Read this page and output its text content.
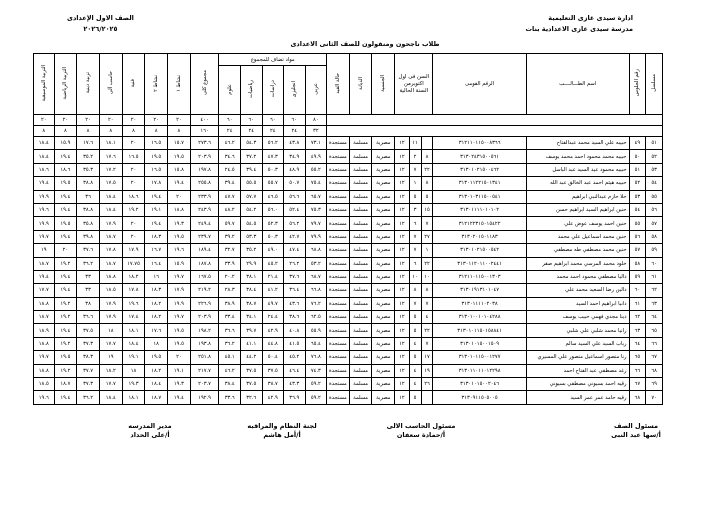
ادارة سيدى غازى التعليمية
مدرسة سيدى غازى الاعدادية بنات
الصف الاول الإعدادى
٢٠٢٦/٢٠٢٥
طلاب ناجحون ومنقولون للصف الثانى الاعدادى
مسلسل	رقم الجلوس	اسم الطـــالــــب	الرقم القومى	السن فى اول اكتوبرمن السنة الحالية			الجنسية	الديانة	حالة القيد	مواد تضاف للمجموع					مجموع كلى	نشاط ١	نشاط ٢	فنية	حاسب آلى	تربية دينية	التربية الرياضية	التربية الموسيقية
										عربى	انجليزى	دراسات	رياضيات	علوم								
										٨٠	٦٠	٦٠	٦٠	٦٠	٤٠٠	٢٠	٢٠	٢٠	٢٠	٢٠	٢٠	٢٠
										٣٢	٢٤	٢٤	٢٤	٢٤	١٦٠	٨	٨	٨	٨	٨	٨	٨
٥١	٤٩	حبيبه علي السيد محمد عبدالفتاح	٣١٢١١٠١١٥٠٠٨٣٦٦		١١	١٢	مصرية	مسلمة	مستجدة	٧٣.١	٤٣.٨	٥٦.٢	٥٤.٣	٤٦.٢	٢٧٣.٦	١٥.٧	١٦.٥	٢٠	١٨.١	١٧.٦	١٥.٩	١٨.٤
٥٢	٥٠	حبيبه محمد محمود احمد محمد يوسف	٣١٣٠٢٤٣١٥٠٠٥٦١	٨	٢	١٢	مصرية	مسلمة	مستجدة	٤٩.٩	٣٤.٩	٤٧.٣	٣٧.٢	٣٤.٦	٢٠٣.٩	١٩.٥	١٩.٥	١٦.٥	١٧.٦	٣٥.٢	١٩.٤	١٨.٤
٥٣	٥١	حبيبه محمود عيد السيد عبد الباسل	٣١٣٠١٠٢١٥٠٠٤٦٢	٢٢	٧	١٢	مصرية	مسلمة	مستجدة	٥٥.٢	٤٨.٩	٥٠.٣	٣٩.٤	٢٤.٥	١٩٧.٨	١٥.٨	١٦.٥	٢٠	١٧.٢	٣٥.٣	١٨.٦	١٨.٦
٥٤	٥٢	حبيبه هيثم احمد عبد الخالق عبد الله	٣١٣٠١١٢٢١٥٠١٣٤١	٨	١	١٢	مصرية	مسلمة	مستجدة	٧٥.٤	٥٠.٧	٥٥.٧	٥٥.٥	٣٩.٤	٢٥٥.٨	١٩.٤	١٧.٨	٢٠	١٧.٥	٣٨.٨	١٩.٥	١٩.٤
٥٥	٥٣	حلا حازم عبدالنبي ابراهيم	٣١٣٠١٠٣١١٥٠٠٥٤١	٥	٥	١٢	مصرية	مسلمة	مستجدة	٦٥.٧	٥٦.٦	٤٦.٥	٥٧.٧	٤٧.٧	٢٣٣.٩	٢٠	١٩.٤	١٨.٦	١٨.٤	٣٦	١٩.٤	١٩.٩
٥٦	٥٤	حنين ابراهيم السيد ابراهيم حسن	٣١٣٠١١١١٠١٠١٠٢	١٥	٣	١٢	مصرية	مسلمة	مستجدة	٧٥.٣	٥٢.٤	٥٦.٠	٥٤.٢	٤٨.٢	٢٤٣.٩	١٨.٨	١٩.١	١٩.٢	١٨.٤	٣٨.٨	١٩.٤	١٩.٦
٥٧	٥٥	حنين احمد يوسف عوض علي	٣١٢١٢٢٣١٥٠١٥٤٢٢	٧	٦	١٢	مصرية	مسلمة	مستجدة	٧٩.٧	٥٦.٢	٥٢.٣	٥٤.٥	٥٩.٧	٢٤٩.٤	١٩.٣	١٩.٤	٢٠	١٧.٩	٣٥.٨	١٩.٥	١٩.٩
٥٨	٥٦	حنين محمد اسماعيل علي محمد	٣١٣٠٢٠١٥٠١١٨٣	٢٧	٧	١٢	مصرية	مسلمة	مستجدة	٧٩.٩	٤٢.٧	٥٠.٣	٥٣.٣	٣٩.٢	٢٣٩.٧	١٩.٥	١٨.٣	٢٠	١٨.٧	٣٩.٨	١٩.٤	١٩.٧
٥٩	٥٧	حنين محمد مصطفي طه مصطفي	٣١٣٠١٠٢١٥٠٠٥٤٢	١	٧	١٢	مصرية	مسلمة	مستجدة	٦٨.٨	٤٧.٤	٤٩.٠	٣٥.٢	٣٢.٧	١٨٩.٤	١٩.٦	١٦.٧	١٧.٩	١٧.٨	٣٧.٦	٢٠	١٩
٦٠	٥٨	خلود محمد المرسي محمد ابراهيم صقر	٣١٣٠١١٢٠١١٠٠٢٤٤١	٢٢	٦	١٢	مصرية	مسلمة	مستجدة	٥٣.٢	٢٦.٢	٤٥.٢	٢٩.٩	٣٣.٩	١٨٧.٨	١٥.٩	١٦.٤	١٧.٧٥	١٨.٧	٣٦.٢	١٩.٢	١٨.٧
٦١	٥٩	داليا مصطفي محمود احمد محمد	٣١٢١١٠١١٥٠٠١٣٠٣	١٠	١٠	١٢	مصرية	مسلمة	مستجدة	٦٨.٧	٣٧.٦	٢١.٤	٣٨.١	٢٠.٢	١٦٧.٥	١٩.٧	١٦	١٨.٢	١٨.٨	٣٣	١٩.٤	١٩.٤
٦٢	٦٠	دالين رضا السعيد محمد علي	٣١٣٠١٩١٣١٠١٠٤٧	٨	٨	١٢	مصرية	مسلمة	مستجدة	٦٦.٨	٣٦.٤	٤١.٢	٣٨.٤	٢٨.٣	٢١٩.٢	١٧.٩	١٨.٣	١٧.٨	١٨.٥	٣٣	١٩.٤	١٧.٧
٦٣	٦١	دانيا ابراهيم احمد السيد	٣١٣٠١١١١٠٢٠٣٨	٧	٧	١٢	مصرية	مسلمة	مستجدة	٧٦.٢	٤٣.٦	٤٩.٧	٣٨.٧	٣٨.٩	٢٢٦.٩	١٩.٩	١٨.٢	١٩.٦	١٧.٩	٣٨	١٩.٢	١٨.٨
٦٤	٦٢	دينا مجدي فهمي حبيب يوسف	٣١٣٠١٠٠١٠١٠٤٢٨٨	٤	٥	١٢	مصرية	مسلمة	مستجدة	٦٢.٥	٣٨.٦	٢٤.٤	٣٤.١	٣٣.٤	٢٠٣.٩	١٩.٧	١٨.٢	١٧.٤	١٧.٩	٣٦.٦	١٩.٢	١٨.٧
٦٥	٦٣	رانيا محمد شلبي علي شلبي	٣١٣٠١٠١١٥٠١٥٨٨٤١	٢٢	٥	١٢	مصرية	مسلمة	مستجدة	٥٥.٩	٤٠.٨	٤٢.٩	٣٩.٧	٣٦.٦	١٩٨.٢	١٩.٥	١٧.٦	١٨.١	١٨	٣٧.٥	١٩.٤	١٨.٩
٦٦	٦٤	رباب السيد علي السيد سالم	٣١٣٠١٠١٥٠٠١٥٠٩	٧	٤	١٢	مصرية	مسلمة	مستجدة	٦٥.٤	٤١.٥	٤٤.٨	٤١.١	٣٦.٢	١٩٣.٨	١٩.٥	١٨	١٨.٤	١٧.٧	٣٧.٣	١٩.٢	١٨.٨
٦٧	٦٥	رنا منصور اسماعيل منصور علي المسيري	٣١٣٠١٠١١٥٠٠١٢٧٧	١٧	٥	١٢	مصرية	مسلمة	مستجدة	٧٦.٨	٤٥.٢	٥٠.٤	٤٤.٢	٤٥.١	٢٥١.٨	٢٠	١٩.٥	١٩.١	١٩	٣٨.٣	١٩.٥	١٩.٧
٦٨	٦٦	رغد مصطفي عبد الفتاح احمد	٣١٣٠١١٠١١٠١٢٢٩٨	١٩	٤	١٢	مصرية	مسلمة	مستجدة	٧٤.٣	٤٦.٤	٣٧.٥	٣٧.٥	٤٦.٢	٢١٧.٧	١٩.١	١٨.٢	١٨	١٨.٢	٣٧.٧	١٩.٢	١٨.٨
٦٩	٦٧	رقيه احمد بسيوني مصطفي بسيوني	٣١٣٠١٠١٥٠٠٢٠٤٦	٢٦	٤	١٢	مصرية	مسلمة	مستجدة	٥٩.٢	٤٣.٣	٣٨.٧	٣٧.٥	٣٨.٤	٢٠٣.٧	١٩.٣	١٨.٤	١٩.٣	١٧.٧	٣٧.٣	١٨.٧	١٨.٥
٧٠	٦٨	رقيه حامد عمر عمر السيد	٣١٣٠٩١١٥٠٥٠٠٥		٥	١٢	مصرية	مسلمة	مستجدة	٥٩.٢	٣٦.٩	٤٢.٩	٣٢.٦	٣٣.٦	١٩٢.٩	١٩.٤	١٨.٧	١٨.١	١٨.٤	٣٦.٢	١٩.٤	١٩.٦
مسئول الصف
أ/سها عبد النبى
مسئول الحاسب الالى
أ/حمادة سعفان
لجنة النظام والمراقبه
أ/أمل هاشم
مدير المدرسه
أ/على الحداد
